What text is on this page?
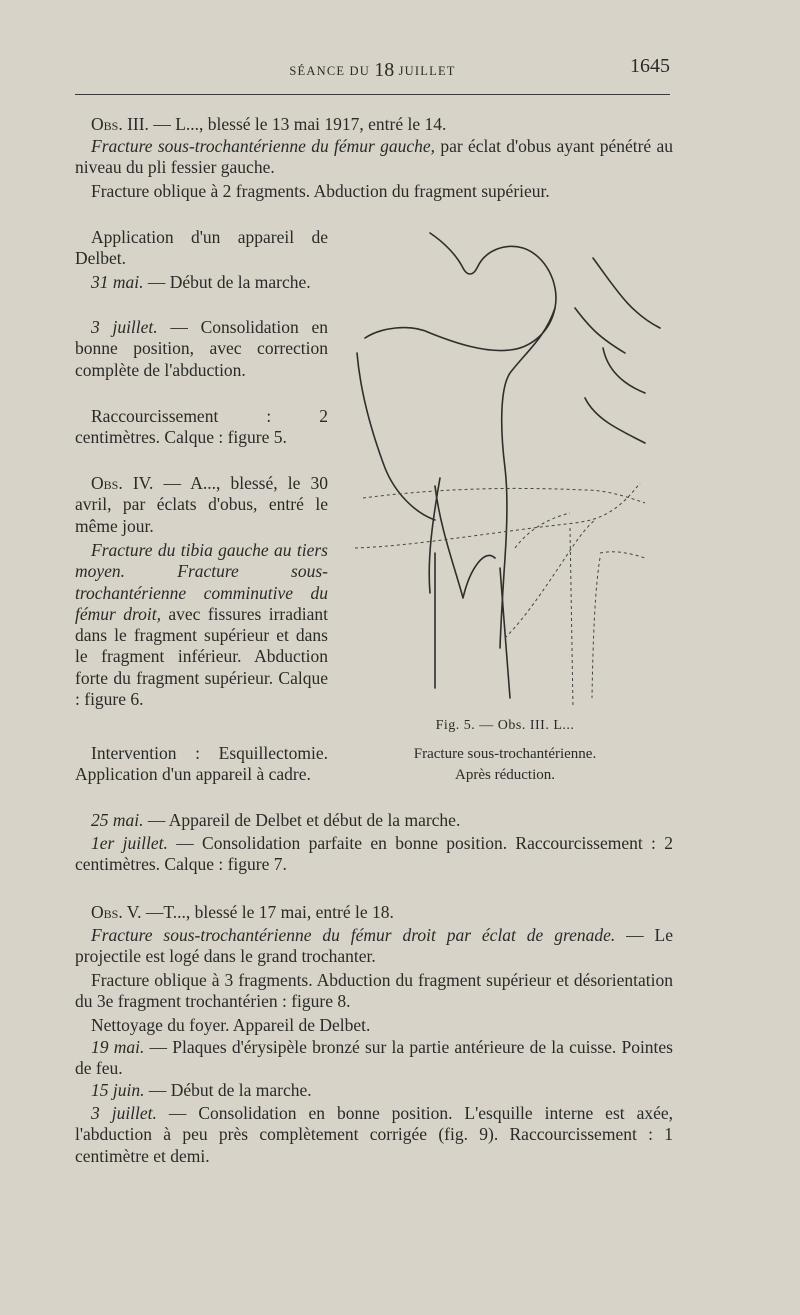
SÉANCE DU 18 JUILLET	1645

Obs. III. — L..., blessé le 13 mai 1917, entré le 14.

Fracture sous-trochantérienne du fémur gauche, par éclat d'obus ayant pénétré au niveau du pli fessier gauche.

Fracture oblique à 2 fragments. Abduction du fragment supérieur.

Application d'un appareil de Delbet.

31 mai. — Début de la marche.

3 juillet. — Consolidation en bonne position, avec correction complète de l'abduction.

Raccourcissement : 2 centimètres. Calque : figure 5.

Obs. IV. — A..., blessé, le 30 avril, par éclats d'obus, entré le même jour.

Fracture du tibia gauche au tiers moyen. Fracture sous-trochantérienne comminutive du fémur droit, avec fissures irradiant dans le fragment supérieur et dans le fragment inférieur. Abduction forte du fragment supérieur. Calque : figure 6.

Intervention : Esquillectomie. Application d'un appareil à cadre.

25 mai. — Appareil de Delbet et début de la marche.

1er juillet. — Consolidation parfaite en bonne position. Raccourcissement : 2 centimètres. Calque : figure 7.

Fig. 5. — Obs. III. L...

Fracture sous-trochantérienne.

Après réduction.

Obs. V. —T..., blessé le 17 mai, entré le 18.

Fracture sous-trochantérienne du fémur droit par éclat de grenade. — Le projectile est logé dans le grand trochanter.

Fracture oblique à 3 fragments. Abduction du fragment supérieur et désorientation du 3e fragment trochantérien : figure 8.

Nettoyage du foyer. Appareil de Delbet.

19 mai. — Plaques d'érysipèle bronzé sur la partie antérieure de la cuisse. Pointes de feu.

15 juin. — Début de la marche.

3 juillet. — Consolidation en bonne position. L'esquille interne est axée, l'abduction à peu près complètement corrigée (fig. 9). Raccourcissement : 1 centimètre et demi.
